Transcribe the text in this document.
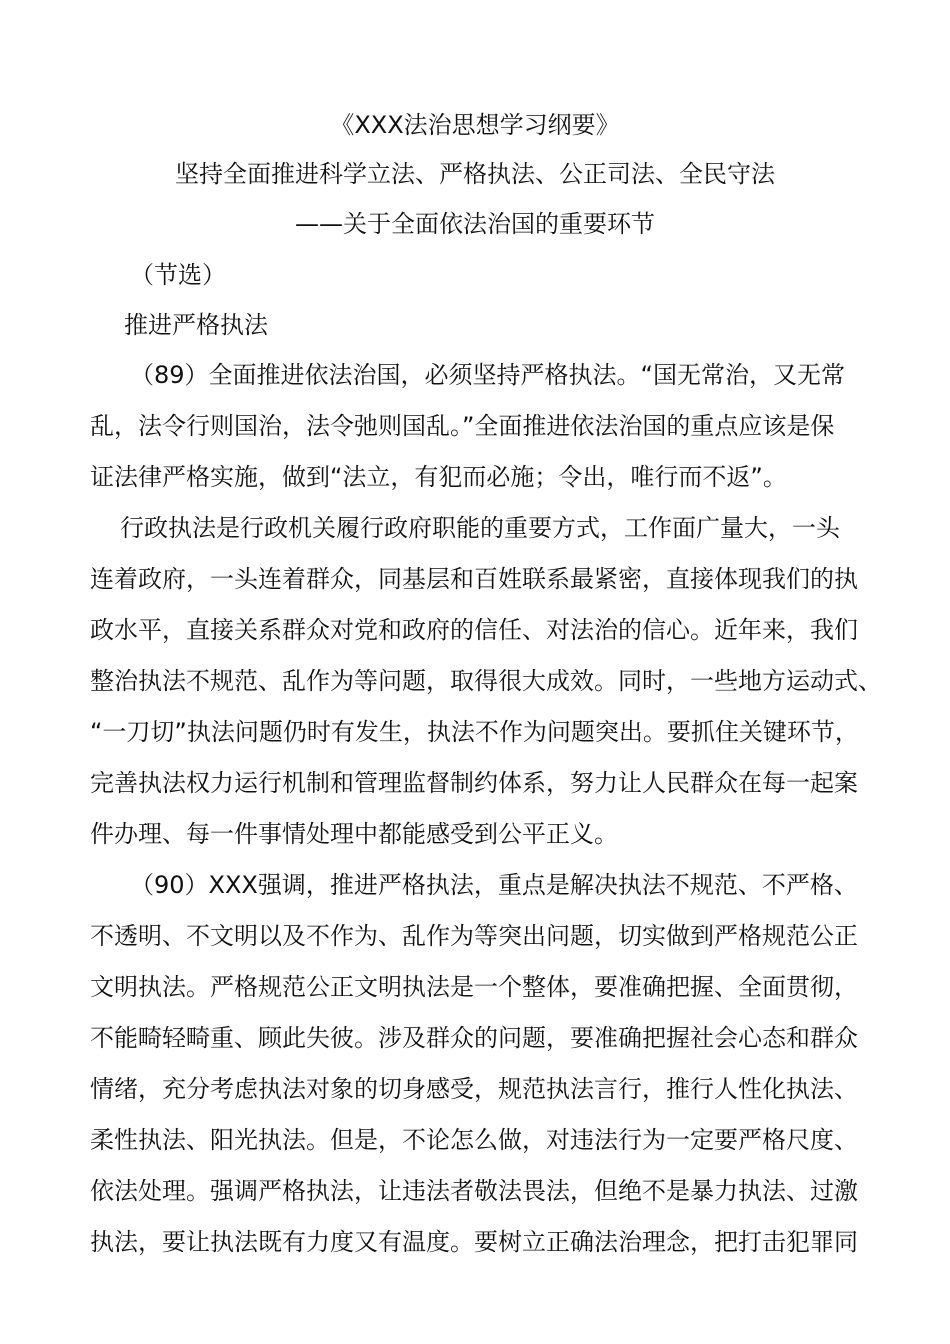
《XXX法治思想学习纲要》
坚持全面推进科学立法、严格执法、公正司法、全民守法
——关于全面依法治国的重要环节
（节选）
推进严格执法
（89）全面推进依法治国，必须坚持严格执法。“国无常治，又无常
乱，法令行则国治，法令弛则国乱。”全面推进依法治国的重点应该是保
证法律严格实施，做到“法立，有犯而必施；令出，唯行而不返”。
行政执法是行政机关履行政府职能的重要方式，工作面广量大，一头
连着政府，一头连着群众，同基层和百姓联系最紧密，直接体现我们的执
政水平，直接关系群众对党和政府的信任、对法治的信心。近年来，我们
整治执法不规范、乱作为等问题，取得很大成效。同时，一些地方运动式、
“一刀切”执法问题仍时有发生，执法不作为问题突出。要抓住关键环节，
完善执法权力运行机制和管理监督制约体系，努力让人民群众在每一起案
件办理、每一件事情处理中都能感受到公平正义。
（90）XXX强调，推进严格执法，重点是解决执法不规范、不严格、
不透明、不文明以及不作为、乱作为等突出问题，切实做到严格规范公正
文明执法。严格规范公正文明执法是一个整体，要准确把握、全面贯彻，
不能畸轻畸重、顾此失彼。涉及群众的问题，要准确把握社会心态和群众
情绪，充分考虑执法对象的切身感受，规范执法言行，推行人性化执法、
柔性执法、阳光执法。但是，不论怎么做，对违法行为一定要严格尺度、
依法处理。强调严格执法，让违法者敬法畏法，但绝不是暴力执法、过激
执法，要让执法既有力度又有温度。要树立正确法治理念，把打击犯罪同
